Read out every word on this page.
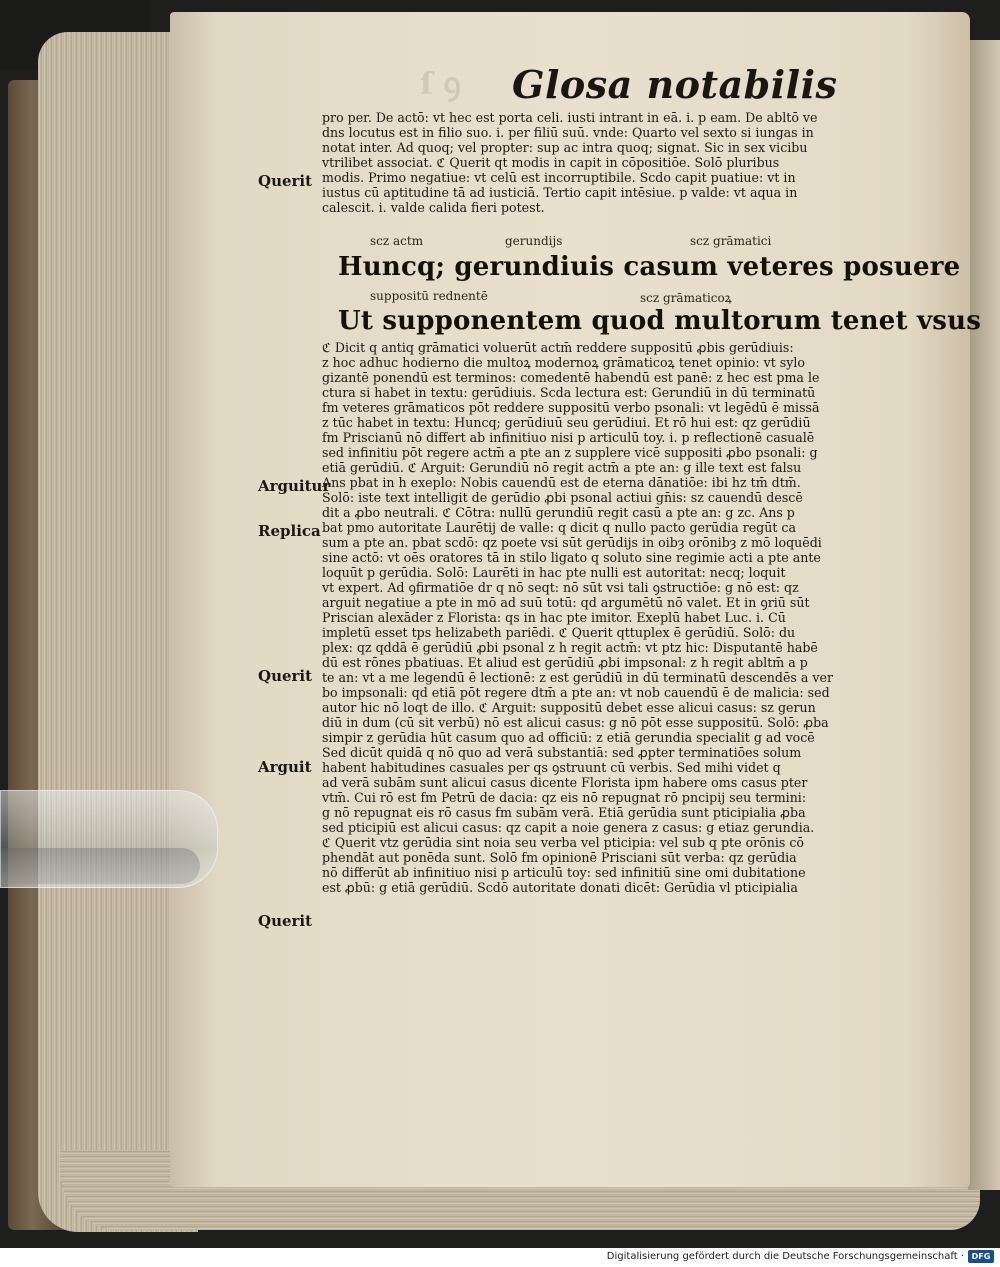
ſ ꝯ Glosa notabilis
pro per. De actō: vt hec est porta celi. iusti intrant in eā. i. p eam. De abltō ve
dns locutus est in filio suo. i. per filiū suū. vnde: Quarto vel sexto si iungas in
notat inter. Ad quoq; vel propter: sup ac intra quoq; signat. Sic in sex vicibu
vtrilibet associat. ℭ Querit qt modis in capit in cōpositiōe. Solō pluribus
modis. Primo negatiue: vt celū est incorruptibile. Scdo capit puatiue: vt in
iustus cū aptitudine tā ad iusticiā. Tertio capit intēsiue. p valde: vt aqua in
calescit. i. valde calida fieri potest.
scz actm	gerundijs	scz grāmatici
Huncq; gerundiuis casum veteres posuere
suppositū rednentē	scz grāmaticoꝝ
Ut supponentem quod multorum tenet vsus
ℭ Dicit q antiq grāmatici voluerūt actm̄ reddere suppositū ꝓbis gerūdiuis:
z hoc adhuc hodierno die multoꝝ modernoꝝ grāmaticoꝝ tenet opinio: vt sylo
gizantē ponendū est terminos: comedentē habendū est panē: z hec est pma le
ctura si habet in textu: gerūdiuis. Scda lectura est: Gerundiū in dū terminatū
fm veteres grāmaticos pōt reddere suppositū verbo psonali: vt legēdū ē missā
z tūc habet in textu: Huncq; gerūdiuū seu gerūdiui. Et rō hui est: qz gerūdiū
fm Priscianū nō differt ab infinitiuo nisi p articulū toy. i. p reflectionē casualē
sed infinitiu pōt regere actm̄ a pte an z supplere vicē suppositi ꝓbo psonali: g
etiā gerūdiū. ℭ Arguit: Gerundiū nō regit actm̄ a pte an: g ille text est falsu
Ans pbat in h exeplo: Nobis cauendū est de eterna dānatiōe: ibi hz tm̄ dtm̄.
Solō: iste text intelligit de gerūdio ꝓbi psonal actiui gn̄is: sz cauendū descē
dit a ꝓbo neutrali. ℭ Cōtra: nullū gerundiū regit casū a pte an: g zc. Ans p
bat pmo autoritate Laurētij de valle: q dicit q nullo pacto gerūdia regūt ca
sum a pte an. pbat scdō: qz poete vsi sūt gerūdijs in oibȝ orōnibȝ z mō loquēdi
sine actō: vt oēs oratores tā in stilo ligato q soluto sine regimie acti a pte ante
loquūt p gerūdia. Solō: Laurēti in hac pte nulli est autoritat: necq; loquit
vt expert. Ad ꝯfirmatiōe dr q nō seqt: nō sūt vsi tali ꝯstructiōe: g nō est: qz
arguit negatiue a pte in mō ad suū totū: qd argumētū nō valet. Et in ꝯriū sūt
Priscian alexāder z Florista: qs in hac pte imitor. Exeplū habet Luc. i. Cū
impletū esset tps helizabeth pariēdi. ℭ Querit qttuplex ē gerūdiū. Solō: du
plex: qz qddā ē gerūdiū ꝓbi psonal z h regit actm̄: vt ptz hic: Disputantē habē
dū est rōnes pbatiuas. Et aliud est gerūdiū ꝓbi impsonal: z h regit abltm̄ a p
te an: vt a me legendū ē lectionē: z est gerūdiū in dū terminatū descendēs a ver
bo impsonali: qd etiā pōt regere dtm̄ a pte an: vt nob cauendū ē de malicia: sed
autor hic nō loqt de illo. ℭ Arguit: suppositū debet esse alicui casus: sz gerun
diū in dum (cū sit verbū) nō est alicui casus: g nō pōt esse suppositū. Solō: ꝓba
simpir z gerūdia hūt casum quo ad officiū: z etiā gerundia specialit g ad vocē
Sed dicūt quidā q nō quo ad verā substantiā: sed ꝓpter terminatiōes solum
habent habitudines casuales per qs ꝯstruunt cū verbis. Sed mihi videt q
ad verā subām sunt alicui casus dicente Florista ipm habere oms casus pter
vtm̄. Cui rō est fm Petrū de dacia: qz eis nō repugnat rō pncipij seu termini:
g nō repugnat eis rō casus fm subām verā. Etiā gerūdia sunt pticipialia ꝓba
sed pticipiū est alicui casus: qz capit a noie genera z casus: g etiaz gerundia.
ℭ Querit vtz gerūdia sint noia seu verba vel pticipia: vel sub q pte orōnis cō
phendāt aut ponēda sunt. Solō fm opinionē Prisciani sūt verba: qz gerūdia
nō differūt ab infinitiuo nisi p articulū toy: sed infinitiū sine omi dubitatione
est ꝓbū: g etiā gerūdiū. Scdō autoritate donati dicēt: Gerūdia vl pticipialia
Querit
Arguitur
Replica
Querit
Arguit
Querit
Digitalisierung gefördert durch die Deutsche Forschungsgemeinschaft · DFG
